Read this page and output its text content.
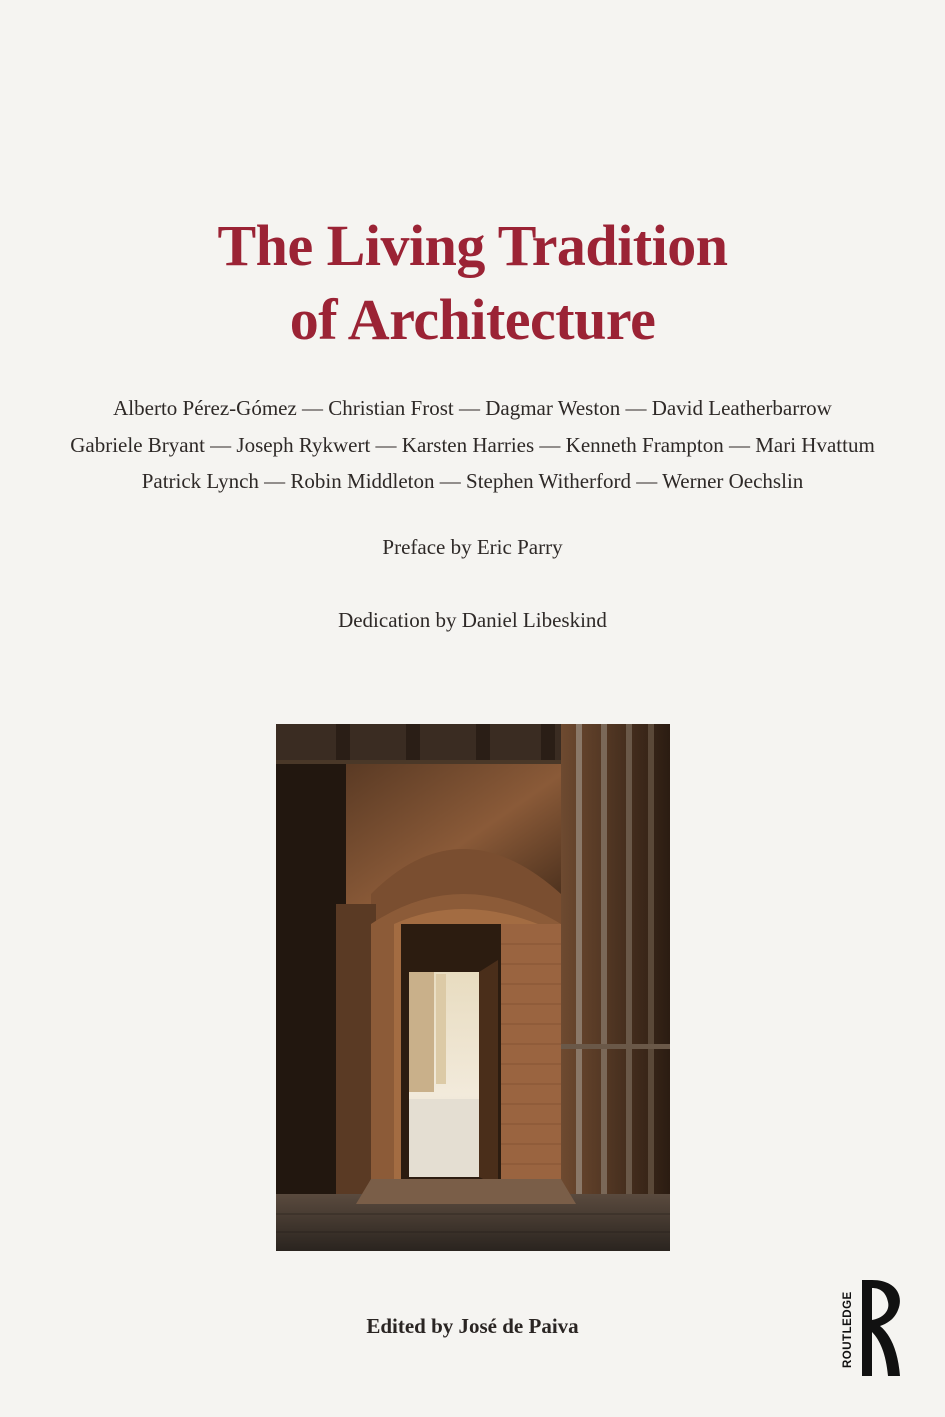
The Living Tradition
of Architecture
Alberto Pérez-Gómez — Christian Frost — Dagmar Weston — David Leatherbarrow
Gabriele Bryant — Joseph Rykwert — Karsten Harries — Kenneth Frampton — Mari Hvattum
Patrick Lynch — Robin Middleton — Stephen Witherford — Werner Oechslin
Preface by Eric Parry
Dedication by Daniel Libeskind
Edited by José de Paiva	ROUTLEDGE
